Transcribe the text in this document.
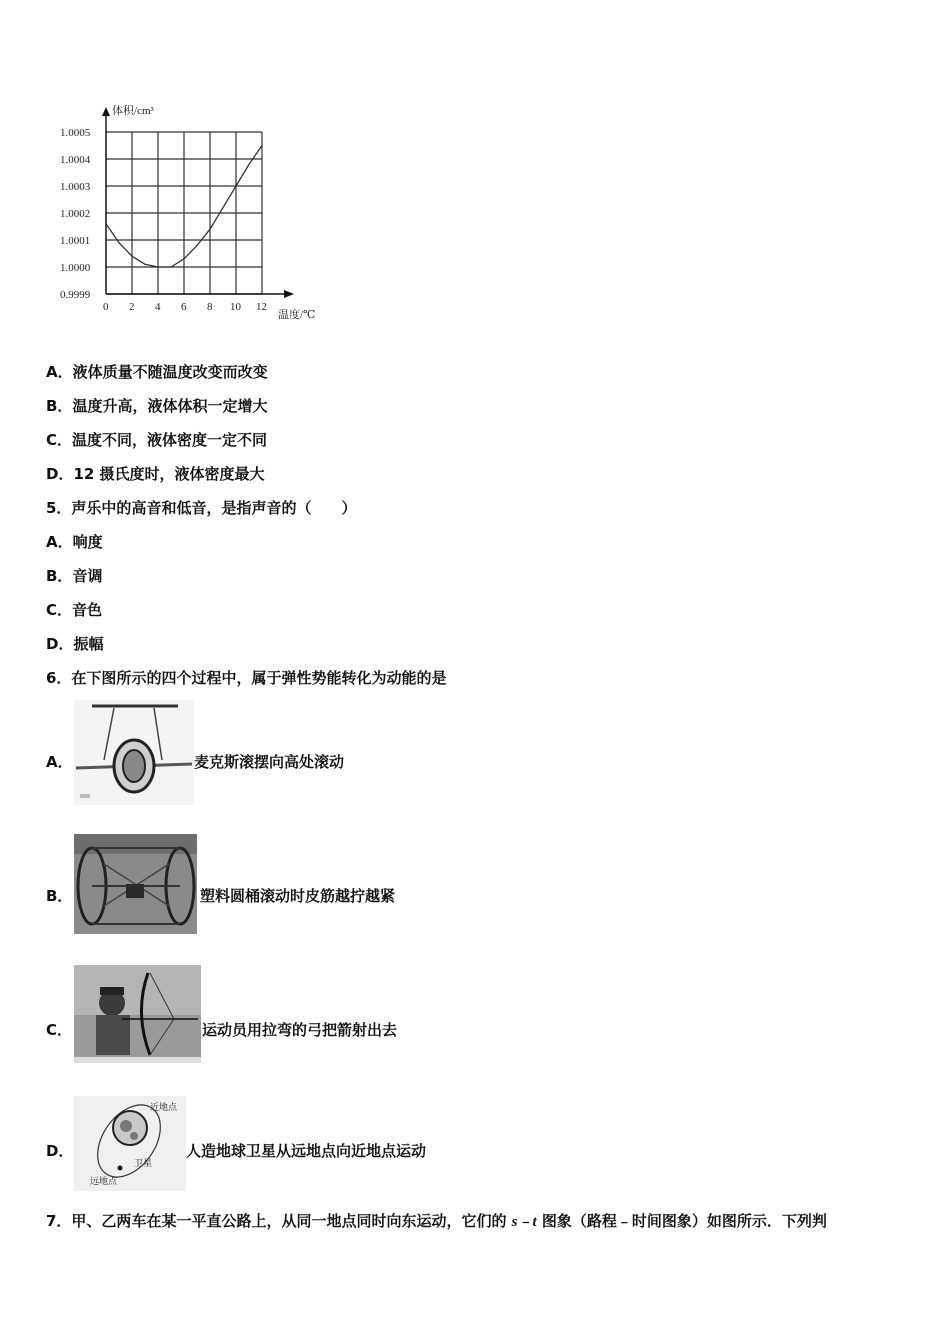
1.0005
1.0004
1.0003
1.0002
1.0001
1.0000
0.9999
0 2 4 6 8 10 12
体积/cm³
温度/℃
A．液体质量不随温度改变而改变
B．温度升高，液体体积一定增大
C．温度不同，液体密度一定不同
D．12 摄氏度时，液体密度最大
5．声乐中的高音和低音，是指声音的（　　）
A．响度
B．音调
C．音色
D．振幅
6．在下图所示的四个过程中，属于弹性势能转化为动能的是
A．	麦克斯滚摆向高处滚动
B．	塑料圆桶滚动时皮筋越拧越紧
C．	运动员用拉弯的弓把箭射出去
D．
近地点
卫星
远地点
人造地球卫星从远地点向近地点运动
7．甲、乙两车在某一平直公路上，从同一地点同时向东运动，它们的 s﹣t 图象（路程﹣时间图象）如图所示．下列判
